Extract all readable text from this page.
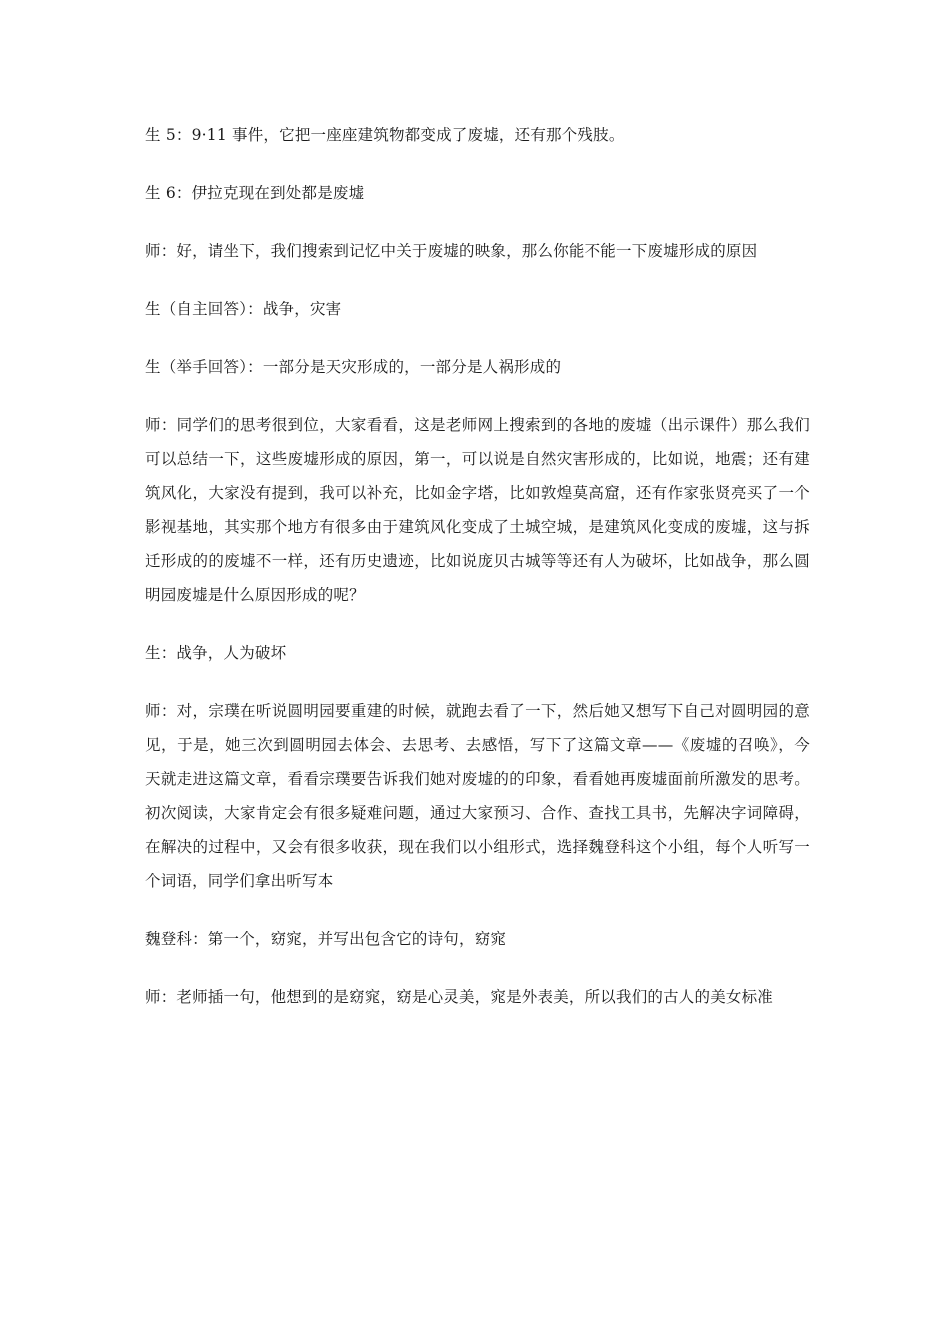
生 5：9·11 事件，它把一座座建筑物都变成了废墟，还有那个残肢。

生 6：伊拉克现在到处都是废墟

师：好，请坐下，我们搜索到记忆中关于废墟的映象，那么你能不能一下废墟形成的原因

生（自主回答）：战争，灾害

生（举手回答）：一部分是天灾形成的，一部分是人祸形成的

师：同学们的思考很到位，大家看看，这是老师网上搜索到的各地的废墟（出示课件）那么我们可以总结一下，这些废墟形成的原因，第一，可以说是自然灾害形成的，比如说，地震；还有建筑风化，大家没有提到，我可以补充，比如金字塔，比如敦煌莫高窟，还有作家张贤亮买了一个影视基地，其实那个地方有很多由于建筑风化变成了土城空城，是建筑风化变成的废墟，这与拆迁形成的的废墟不一样，还有历史遗迹，比如说庞贝古城等等还有人为破坏，比如战争，那么圆明园废墟是什么原因形成的呢？

生：战争，人为破坏

师：对，宗璞在听说圆明园要重建的时候，就跑去看了一下，然后她又想写下自己对圆明园的意见，于是，她三次到圆明园去体会、去思考、去感悟，写下了这篇文章——《废墟的召唤》，今天就走进这篇文章，看看宗璞要告诉我们她对废墟的的印象，看看她再废墟面前所激发的思考。初次阅读，大家肯定会有很多疑难问题，通过大家预习、合作、查找工具书，先解决字词障碍，在解决的过程中，又会有很多收获，现在我们以小组形式，选择魏登科这个小组，每个人听写一个词语，同学们拿出听写本

魏登科：第一个，窈窕，并写出包含它的诗句，窈窕

师：老师插一句，他想到的是窈窕，窈是心灵美，窕是外表美，所以我们的古人的美女标准
